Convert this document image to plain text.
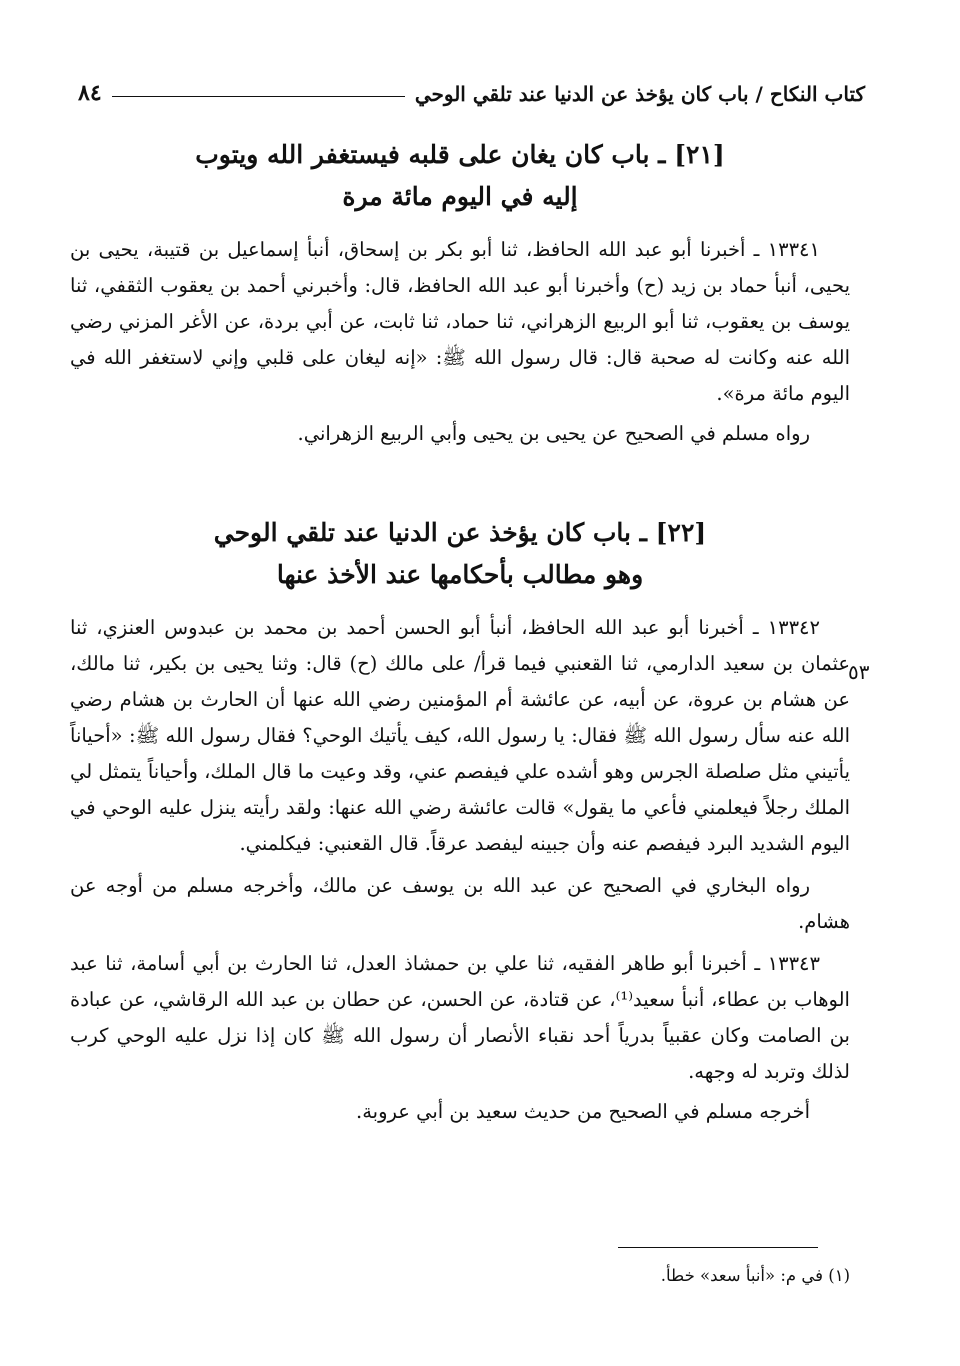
كتاب النكاح / باب كان يؤخذ عن الدنيا عند تلقي الوحي
٨٤
[٢١] ـ باب كان يغان على قلبه فيستغفر الله ويتوب
إليه في اليوم مائة مرة

١٣٣٤١ ـ أخبرنا أبو عبد الله الحافظ، ثنا أبو بكر بن إسحاق، أنبأ إسماعيل بن قتيبة، يحيى بن يحيى، أنبأ حماد بن زيد (ح) وأخبرنا أبو عبد الله الحافظ، قال: وأخبرني أحمد بن يعقوب الثقفي، ثنا يوسف بن يعقوب، ثنا أبو الربيع الزهراني، ثنا حماد، ثنا ثابت، عن أبي بردة، عن الأغر المزني رضي الله عنه وكانت له صحبة قال: قال رسول الله ﷺ: «إنه ليغان على قلبي وإني لاستغفر الله في اليوم مائة مرة».

رواه مسلم في الصحيح عن يحيى بن يحيى وأبي الربيع الزهراني.

[٢٢] ـ باب كان يؤخذ عن الدنيا عند تلقي الوحي
وهو مطالب بأحكامها عند الأخذ عنها

١٣٣٤٢ ـ أخبرنا أبو عبد الله الحافظ، أنبأ أبو الحسن أحمد بن محمد بن عبدوس العنزي، ثنا عثمان بن سعيد الدارمي، ثنا القعنبي فيما قرأ/ على مالك (ح) قال: وثنا يحيى بن بكير، ثنا مالك، عن هشام بن عروة، عن أبيه، عن عائشة أم المؤمنين رضي الله عنها أن الحارث بن هشام رضي الله عنه سأل رسول الله ﷺ فقال: يا رسول الله، كيف يأتيك الوحي؟ فقال رسول الله ﷺ: «أحياناً يأتيني مثل صلصلة الجرس وهو أشده علي فيفصم عني، وقد وعيت ما قال الملك، وأحياناً يتمثل لي الملك رجلاً فيعلمني فأعي ما يقول» قالت عائشة رضي الله عنها: ولقد رأيته ينزل عليه الوحي في اليوم الشديد البرد فيفصم عنه وأن جبينه ليفصد عرقاً. قال القعنبي: فيكلمني.

رواه البخاري في الصحيح عن عبد الله بن يوسف عن مالك، وأخرجه مسلم من أوجه عن هشام.

١٣٣٤٣ ـ أخبرنا أبو طاهر الفقيه، ثنا علي بن حمشاذ العدل، ثنا الحارث بن أبي أسامة، ثنا عبد الوهاب بن عطاء، أنبأ سعيد⁽¹⁾، عن قتادة، عن الحسن، عن حطان بن عبد الله الرقاشي، عن عبادة بن الصامت وكان عقبياً بدرياً أحد نقباء الأنصار أن رسول الله ﷺ كان إذا نزل عليه الوحي كرب لذلك وتربد له وجهه.

أخرجه مسلم في الصحيح من حديث سعيد بن أبي عروبة.

٥٣
(١) في م: «أنبأ سعد» خطأ.
